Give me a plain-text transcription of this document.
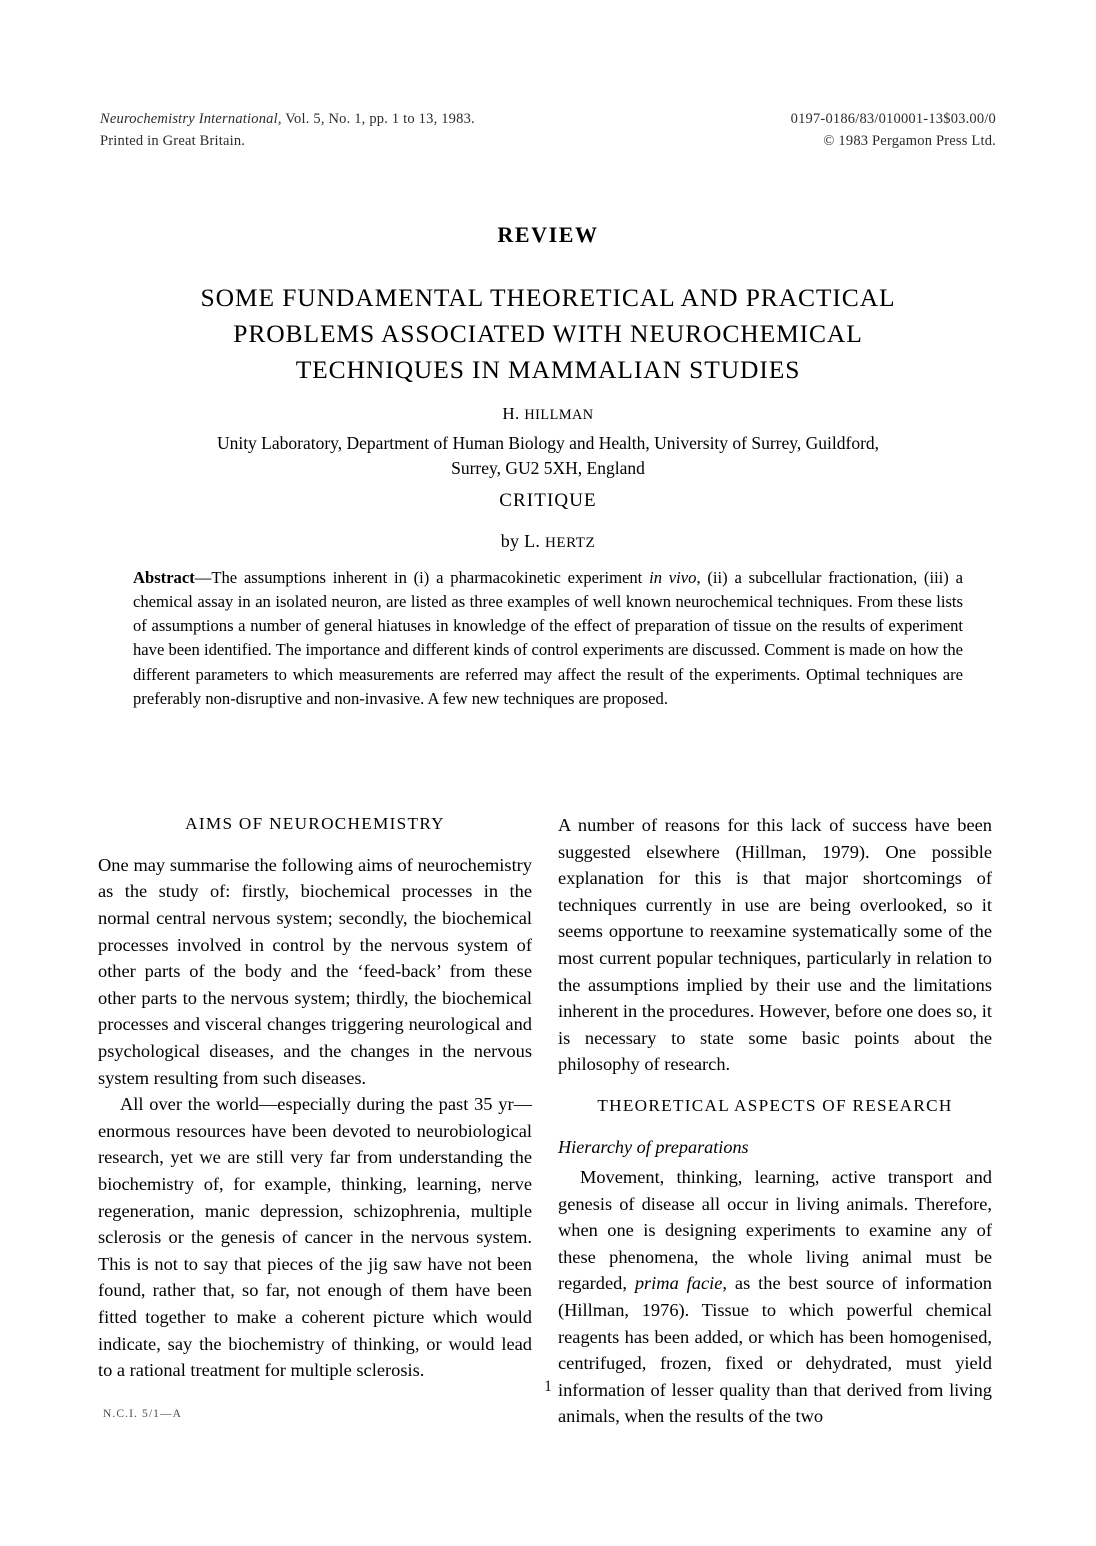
Neurochemistry International, Vol. 5, No. 1, pp. 1 to 13, 1983.
Printed in Great Britain.
0197-0186/83/010001-13$03.00/0
© 1983 Pergamon Press Ltd.
REVIEW
SOME FUNDAMENTAL THEORETICAL AND PRACTICAL
PROBLEMS ASSOCIATED WITH NEUROCHEMICAL
TECHNIQUES IN MAMMALIAN STUDIES
H. HILLMAN
Unity Laboratory, Department of Human Biology and Health, University of Surrey, Guildford,
Surrey, GU2 5XH, England
CRITIQUE
by L. HERTZ
Abstract—The assumptions inherent in (i) a pharmacokinetic experiment in vivo, (ii) a subcellular fractionation, (iii) a chemical assay in an isolated neuron, are listed as three examples of well known neurochemical techniques. From these lists of assumptions a number of general hiatuses in knowledge of the effect of preparation of tissue on the results of experiment have been identified. The importance and different kinds of control experiments are discussed. Comment is made on how the different parameters to which measurements are referred may affect the result of the experiments. Optimal techniques are preferably non-disruptive and non-invasive. A few new techniques are proposed.
AIMS OF NEUROCHEMISTRY

One may summarise the following aims of neurochemistry as the study of: firstly, biochemical processes in the normal central nervous system; secondly, the biochemical processes involved in control by the nervous system of other parts of the body and the ‘feed-back’ from these other parts to the nervous system; thirdly, the biochemical processes and visceral changes triggering neurological and psychological diseases, and the changes in the nervous system resulting from such diseases.

All over the world—especially during the past 35 yr—enormous resources have been devoted to neurobiological research, yet we are still very far from understanding the biochemistry of, for example, thinking, learning, nerve regeneration, manic depression, schizophrenia, multiple sclerosis or the genesis of cancer in the nervous system. This is not to say that pieces of the jig saw have not been found, rather that, so far, not enough of them have been fitted together to make a coherent picture which would indicate, say the biochemistry of thinking, or would lead to a rational treatment for multiple sclerosis.

A number of reasons for this lack of success have been suggested elsewhere (Hillman, 1979). One possible explanation for this is that major shortcomings of techniques currently in use are being overlooked, so it seems opportune to reexamine systematically some of the most current popular techniques, particularly in relation to the assumptions implied by their use and the limitations inherent in the procedures. However, before one does so, it is necessary to state some basic points about the philosophy of research.

THEORETICAL ASPECTS OF RESEARCH
Hierarchy of preparations

Movement, thinking, learning, active transport and genesis of disease all occur in living animals. Therefore, when one is designing experiments to examine any of these phenomena, the whole living animal must be regarded, prima facie, as the best source of information (Hillman, 1976). Tissue to which powerful chemical reagents has been added, or which has been homogenised, centrifuged, frozen, fixed or dehydrated, must yield information of lesser quality than that derived from living animals, when the results of the two

1
N.C.I. 5/1—A
